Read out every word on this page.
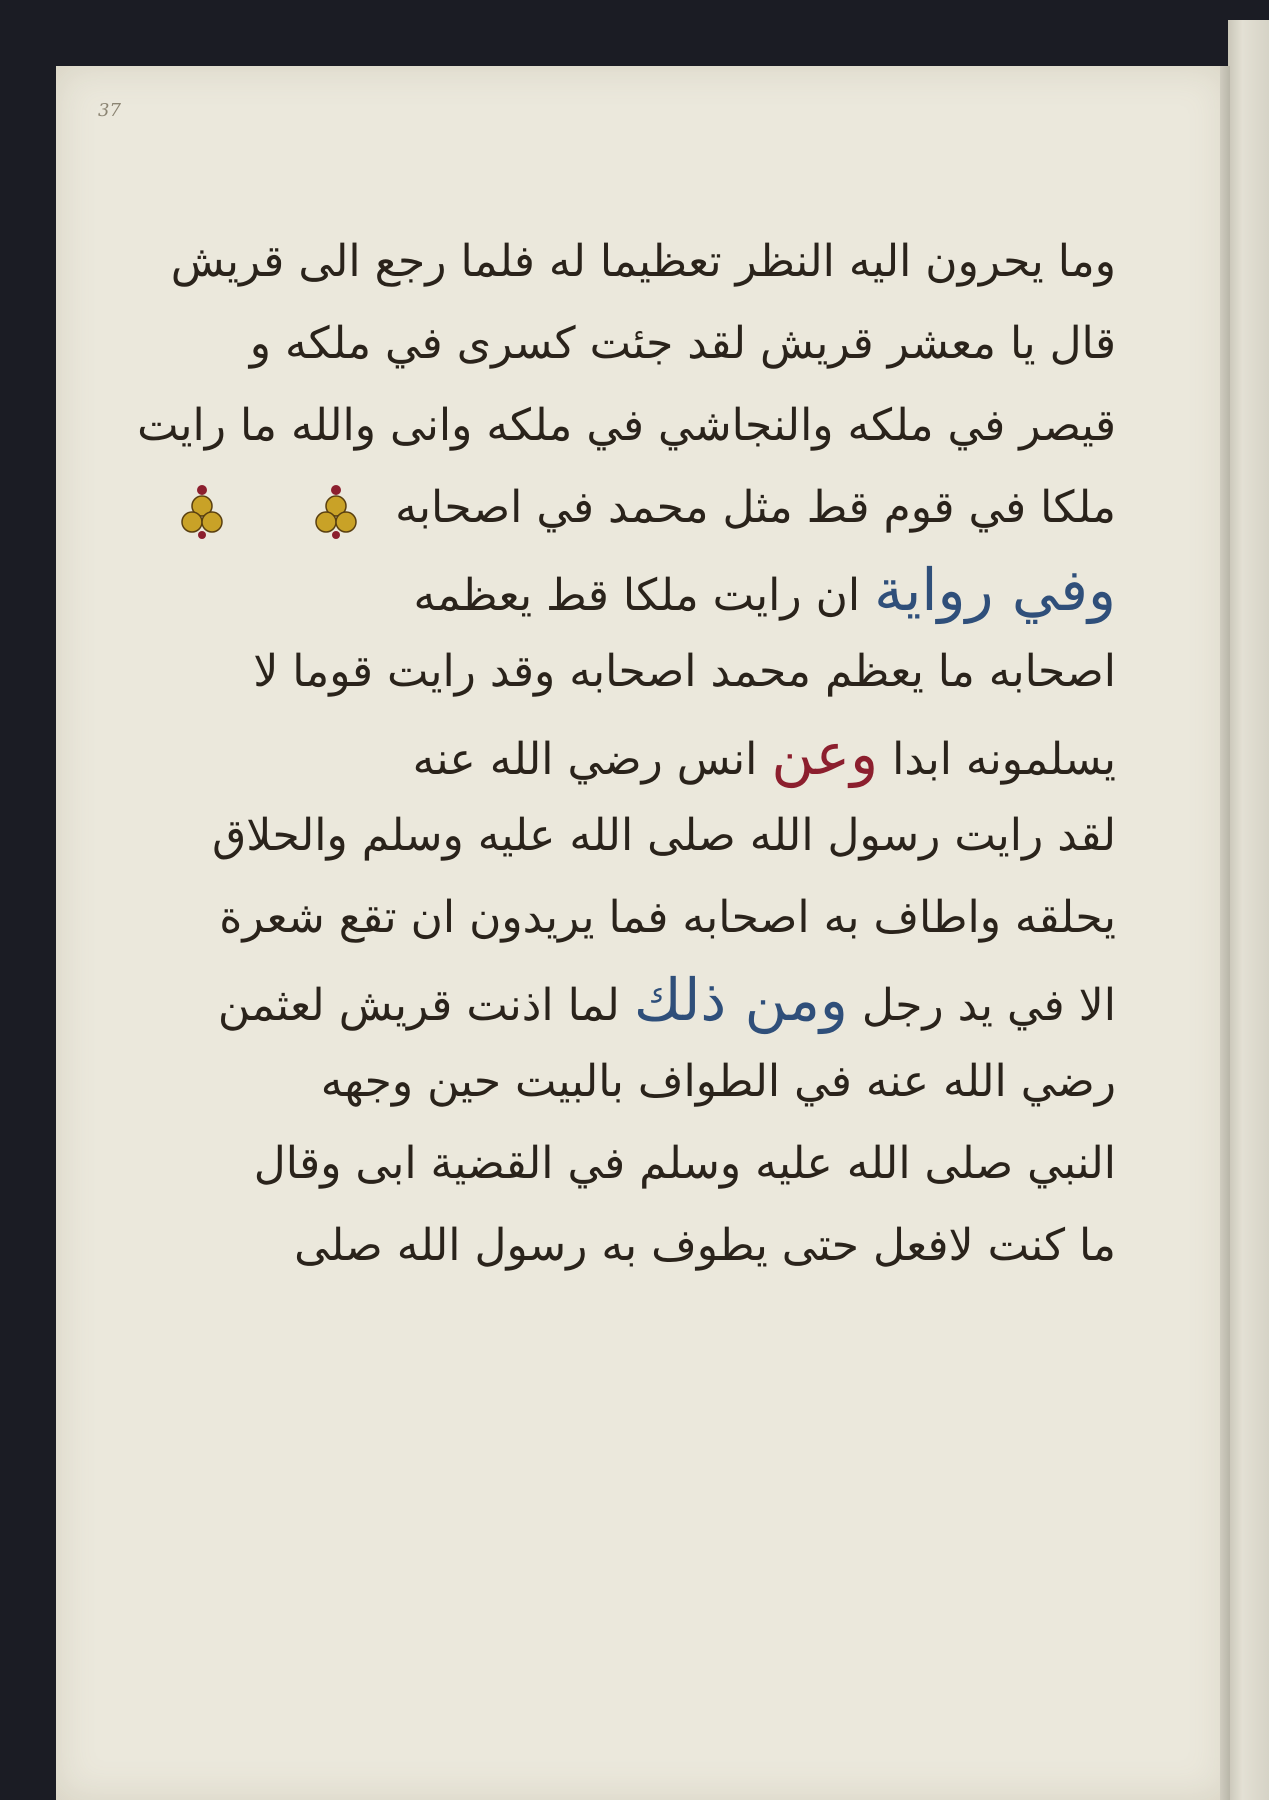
37
وما يحرون اليه النظر تعظيما له فلما رجع الى قريش
قال يا معشر قريش لقد جئت كسرى في ملكه و
قيصر في ملكه والنجاشي في ملكه وانى والله ما رايت
ملكا في قوم قط مثل محمد في اصحابه
وفي رواية ان رايت ملكا قط يعظمه
اصحابه ما يعظم محمد اصحابه وقد رايت قوما لا
يسلمونه ابدا وعن انس رضي الله عنه
لقد رايت رسول الله صلى الله عليه وسلم والحلاق
يحلقه واطاف به اصحابه فما يريدون ان تقع شعرة
الا في يد رجل ومن ذلك لما اذنت قريش لعثمن
رضي الله عنه في الطواف بالبيت حين وجهه
النبي صلى الله عليه وسلم في القضية ابى وقال
ما كنت لافعل حتى يطوف به رسول الله صلى
